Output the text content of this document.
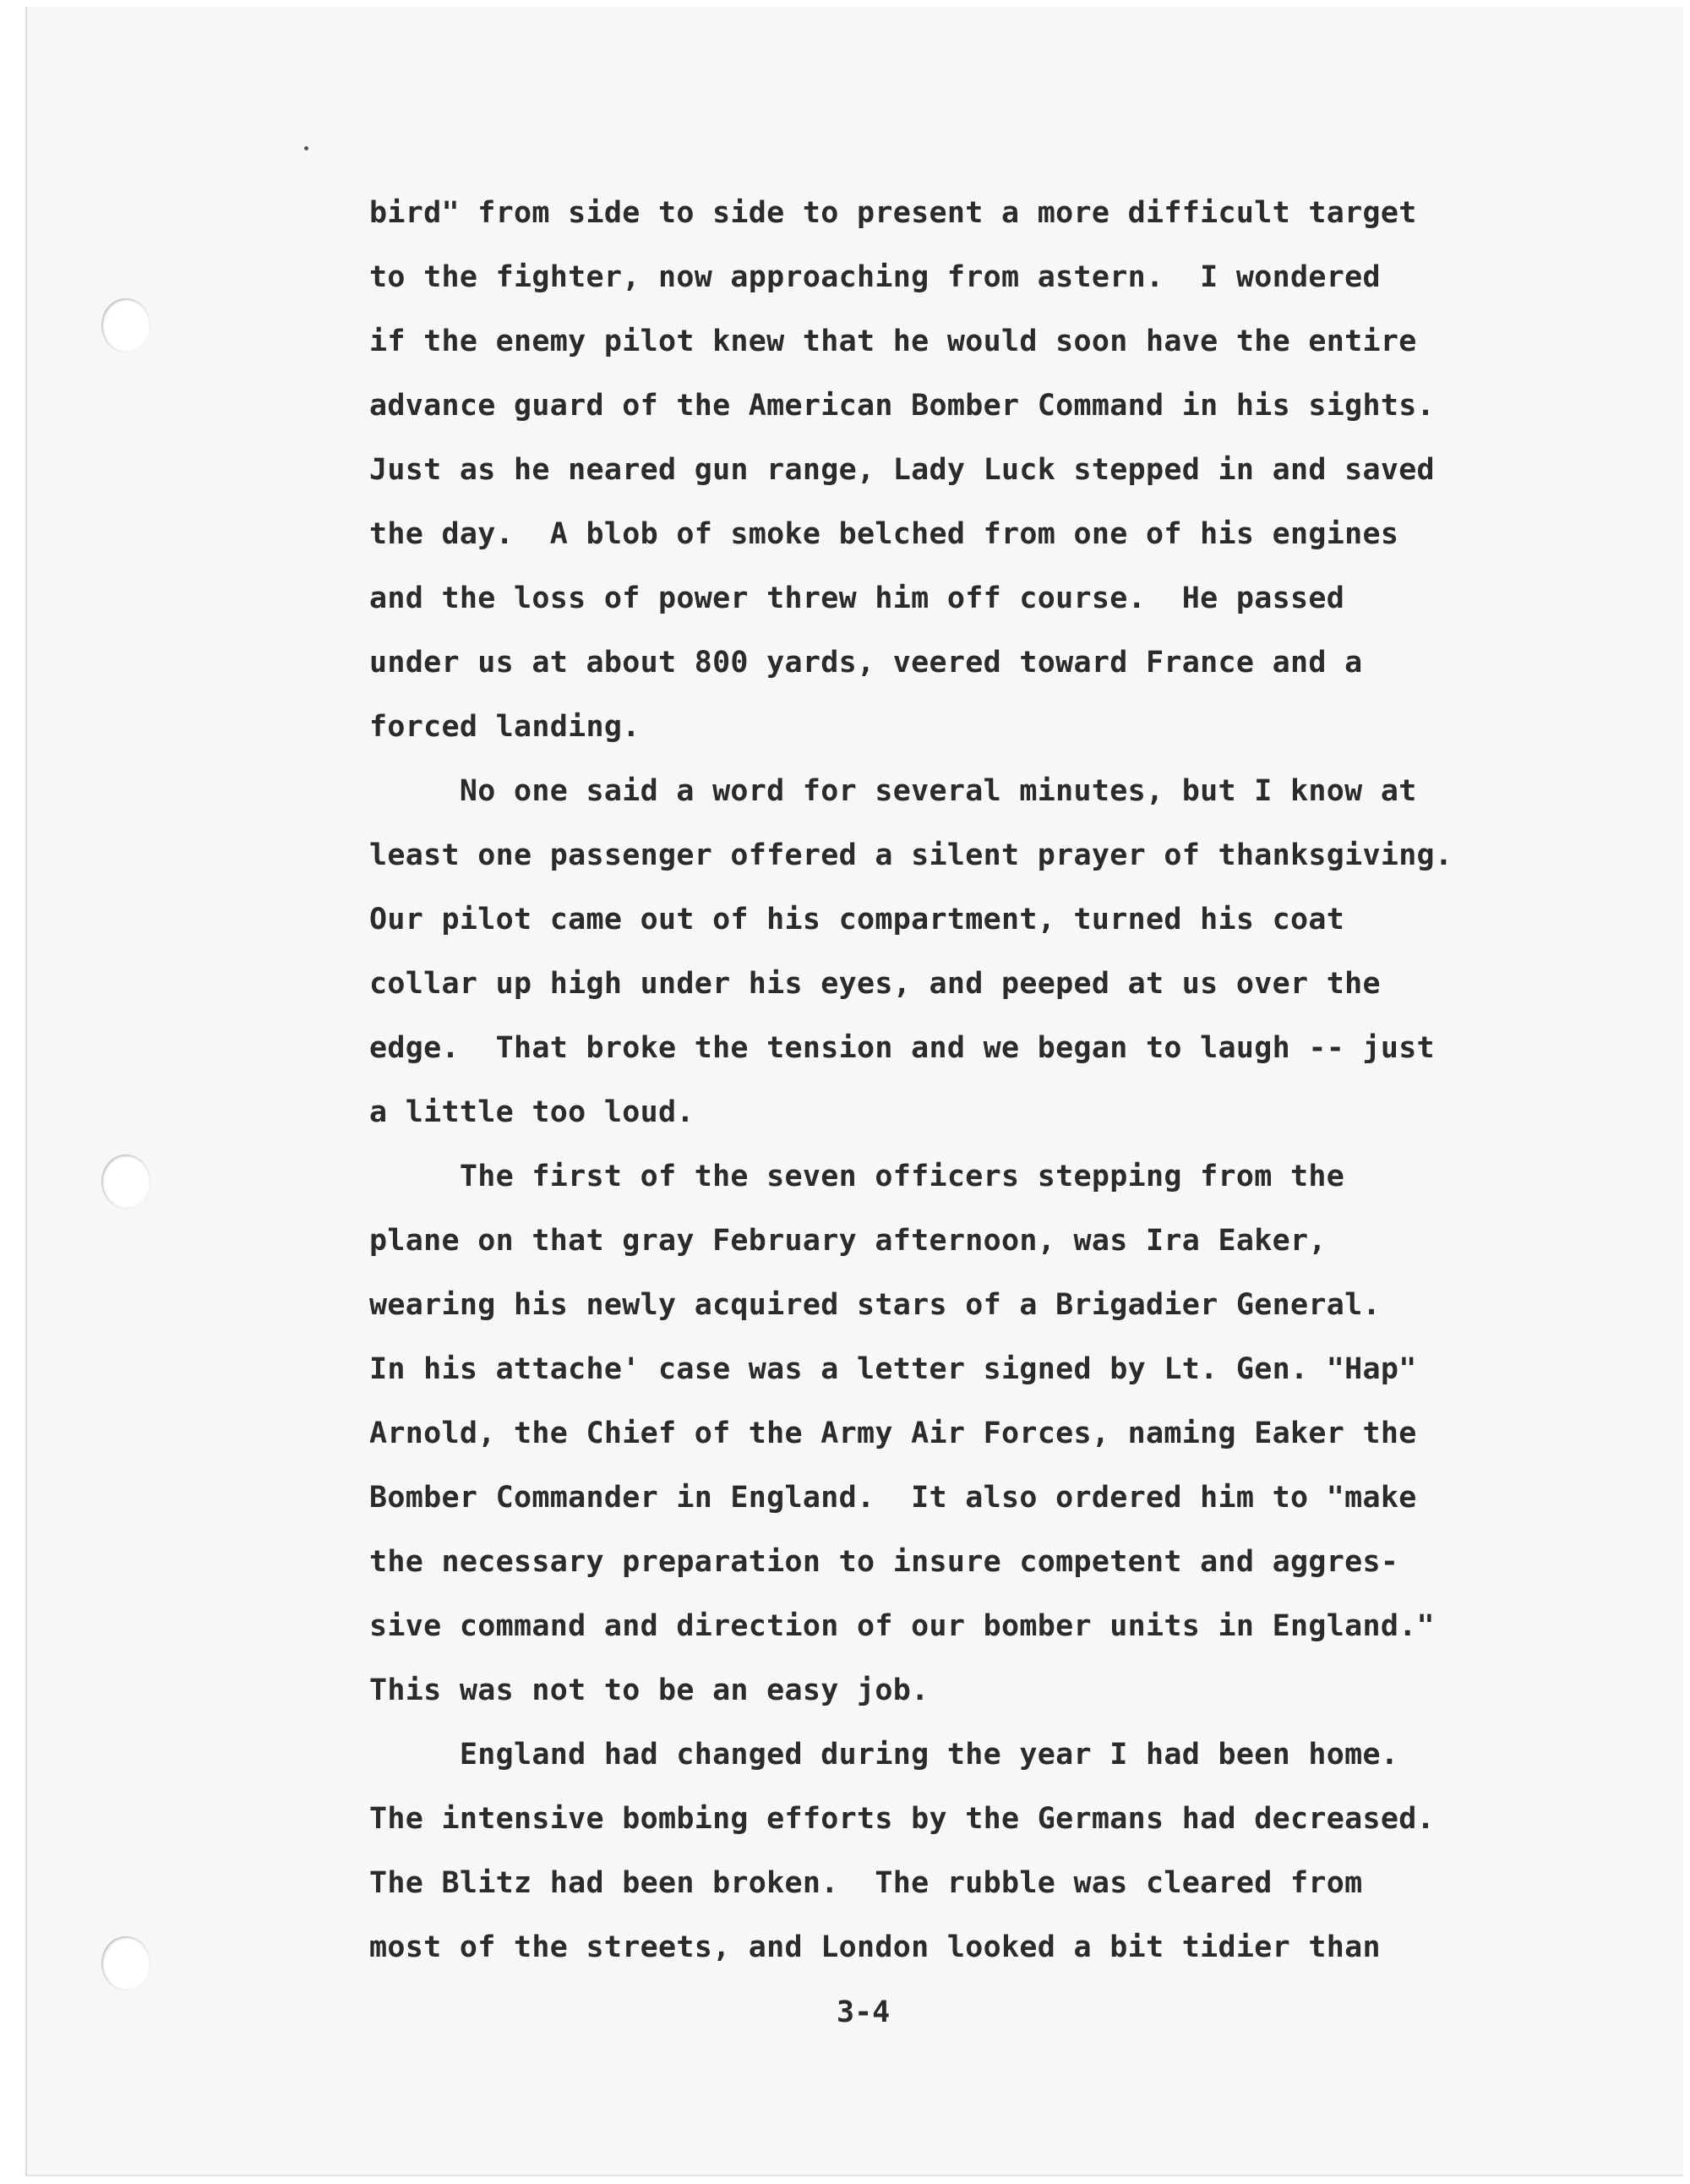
bird" from side to side to present a more difficult target

to the fighter, now approaching from astern.  I wondered

if the enemy pilot knew that he would soon have the entire

advance guard of the American Bomber Command in his sights.

Just as he neared gun range, Lady Luck stepped in and saved

the day.  A blob of smoke belched from one of his engines

and the loss of power threw him off course.  He passed

under us at about 800 yards, veered toward France and a

forced landing.

No one said a word for several minutes, but I know at

least one passenger offered a silent prayer of thanksgiving.

Our pilot came out of his compartment, turned his coat

collar up high under his eyes, and peeped at us over the

edge.  That broke the tension and we began to laugh -- just

a little too loud.

The first of the seven officers stepping from the

plane on that gray February afternoon, was Ira Eaker,

wearing his newly acquired stars of a Brigadier General.

In his attache' case was a letter signed by Lt. Gen. "Hap"

Arnold, the Chief of the Army Air Forces, naming Eaker the

Bomber Commander in England.  It also ordered him to "make

the necessary preparation to insure competent and aggres-

sive command and direction of our bomber units in England."

This was not to be an easy job.

England had changed during the year I had been home.

The intensive bombing efforts by the Germans had decreased.

The Blitz had been broken.  The rubble was cleared from

most of the streets, and London looked a bit tidier than

3-4
